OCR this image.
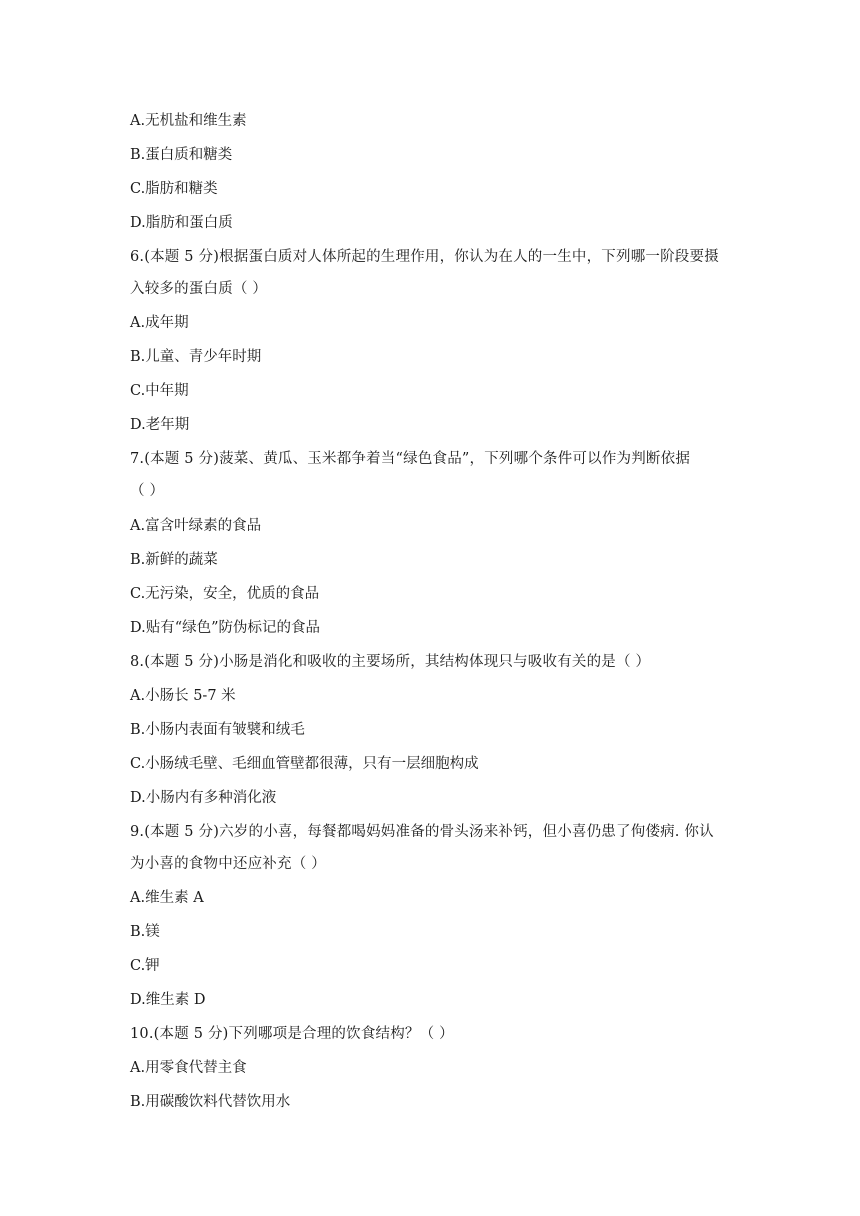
A.无机盐和维生素
B.蛋白质和糖类
C.脂肪和糖类
D.脂肪和蛋白质
6.(本题 5 分)根据蛋白质对人体所起的生理作用，你认为在人的一生中，下列哪一阶段要摄
入较多的蛋白质（ ）
A.成年期
B.儿童、青少年时期
C.中年期
D.老年期
7.(本题 5 分)菠菜、黄瓜、玉米都争着当“绿色食品”，下列哪个条件可以作为判断依据
（ ）
A.富含叶绿素的食品
B.新鲜的蔬菜
C.无污染，安全，优质的食品
D.贴有“绿色”防伪标记的食品
8.(本题 5 分)小肠是消化和吸收的主要场所，其结构体现只与吸收有关的是（ ）
A.小肠长 5-7 米
B.小肠内表面有皱襞和绒毛
C.小肠绒毛壁、毛细血管壁都很薄，只有一层细胞构成
D.小肠内有多种消化液
9.(本题 5 分)六岁的小喜，每餐都喝妈妈准备的骨头汤来补钙，但小喜仍患了佝偻病. 你认
为小喜的食物中还应补充（ ）
A.维生素 A
B.镁
C.钾
D.维生素 D
10.(本题 5 分)下列哪项是合理的饮食结构？（ ）
A.用零食代替主食
B.用碳酸饮料代替饮用水
